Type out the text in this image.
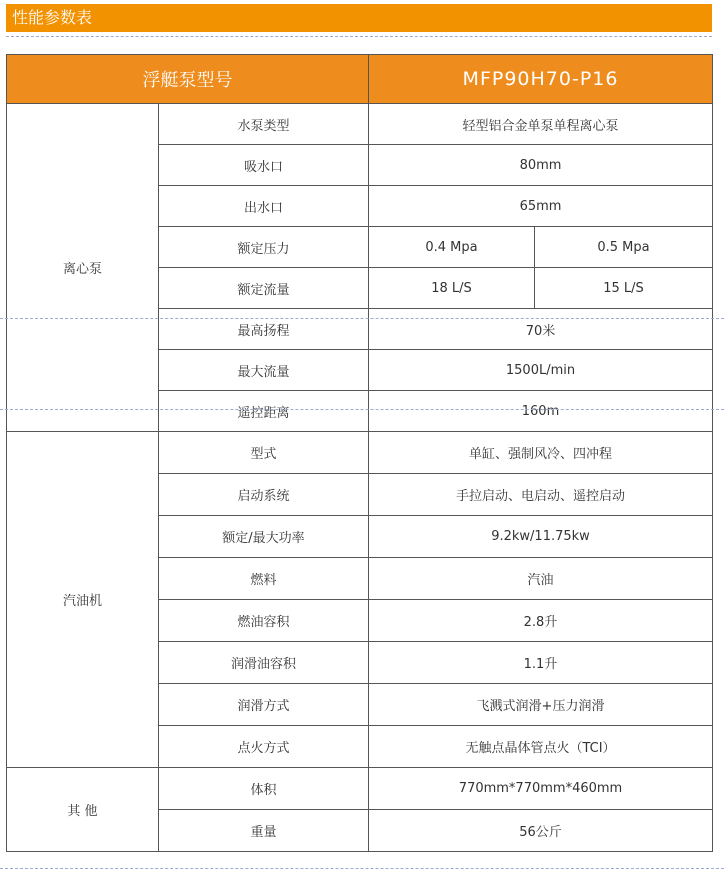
性能参数表
浮艇泵型号		MFP90H70-P16	
离心泵	水泵类型	轻型铝合金单泵单程离心泵	
	吸水口	80mm	
	出水口	65mm	
	额定压力	0.4 Mpa	0.5 Mpa
	额定流量	18 L/S	15 L/S
	最高扬程	70米	
	最大流量	1500L/min	
	遥控距离	160m	
汽油机	型式	单缸、强制风冷、四冲程	
	启动系统	手拉启动、电启动、遥控启动	
	额定/最大功率	9.2kw/11.75kw	
	燃料	汽油	
	燃油容积	2.8升	
	润滑油容积	1.1升	
	润滑方式	飞溅式润滑+压力润滑	
	点火方式	无触点晶体管点火（TCI）	
其 他	体积	770mm*770mm*460mm	
	重量	56公斤	
